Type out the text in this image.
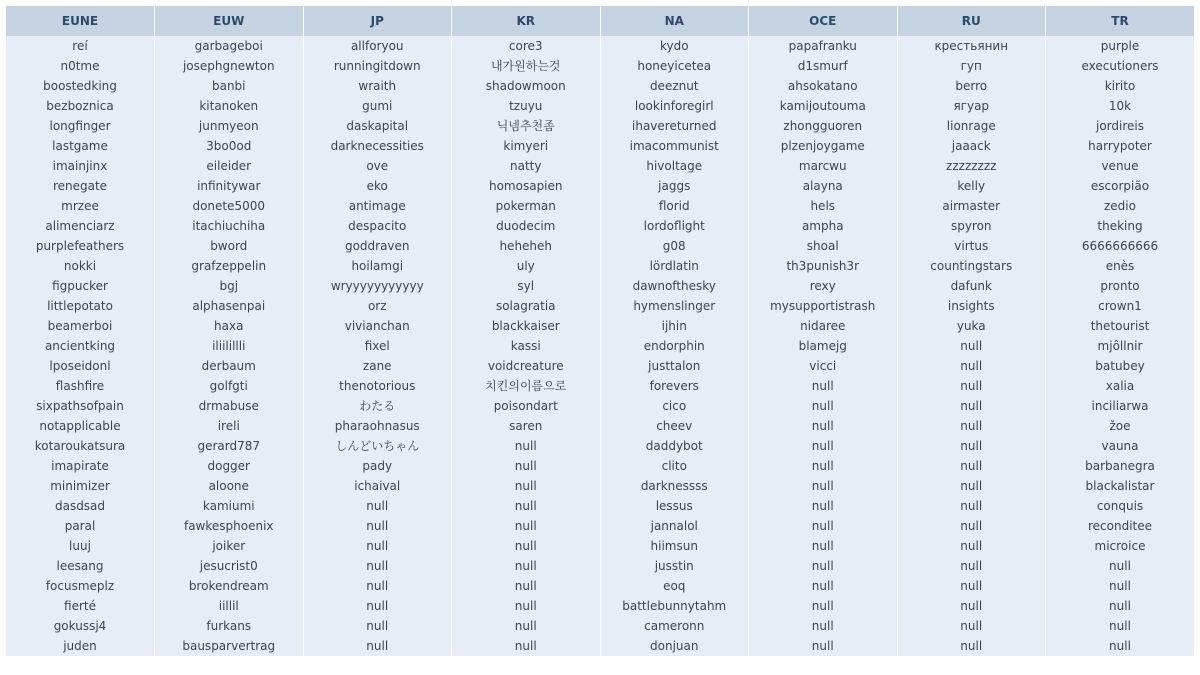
EUNE	EUW	JP	KR	NA	OCE	RU	TR
reí	garbageboi	allforyou	core3	kydo	papafranku	крестьянин	purple
n0tme	josephgnewton	runningitdown	내가원하는것	honeyicetea	d1smurf	гуп	executioners
boostedking	banbi	wraith	shadowmoon	deeznut	ahsokatano	berro	kirito
bezboznica	kitanoken	gumi	tzuyu	lookinforegirl	kamijoutouma	ягуар	10k
longfinger	junmyeon	daskapital	닉넴추천좀	ihavereturned	zhongguoren	lionrage	jordireis
lastgame	3bo0od	darknecessities	kimyeri	imacommunist	plzenjoygame	jaaack	harrypoter
imainjinx	eileider	ove	natty	hivoltage	marcwu	zzzzzzzz	venue
renegate	infinitywar	eko	homosapien	jaggs	alayna	kelly	escorpião
mrzee	donete5000	antimage	pokerman	florid	hels	airmaster	zedio
alimenciarz	itachiuchiha	despacito	duodecim	lordoflight	ampha	spyron	theking
purplefeathers	bword	goddraven	heheheh	g08	shoal	virtus	6666666666
nokki	grafzeppelin	hoilamgi	uly	lördlatin	th3punish3r	countingstars	enès
figpucker	bgj	wryyyyyyyyyyy	syl	dawnofthesky	rexy	dafunk	pronto
littlepotato	alphasenpai	orz	solagratia	hymenslinger	mysupportistrash	insights	crown1
beamerboi	haxa	vivianchan	blackkaiser	ijhin	nidaree	yuka	thetourist
ancientking	iliilillli	fixel	kassi	endorphin	blamejg	null	mjôllnir
lposeidonl	derbaum	zane	voidcreature	justtalon	vicci	null	batubey
flashfire	golfgti	thenotorious	치킨의이름으로	forevers	null	null	xalia
sixpathsofpain	drmabuse	わたる	poisondart	cico	null	null	inciliarwa
notapplicable	ireli	pharaohnasus	saren	cheev	null	null	žoe
kotaroukatsura	gerard787	しんどいちゃん	null	daddybot	null	null	vauna
imapirate	dogger	pady	null	clito	null	null	barbanegra
minimizer	aloone	ichaival	null	darknessss	null	null	blackalistar
dasdsad	kamiumi	null	null	lessus	null	null	conquis
paral	fawkesphoenix	null	null	jannalol	null	null	reconditee
luuj	joiker	null	null	hiimsun	null	null	microice
leesang	jesucrist0	null	null	jusstin	null	null	null
focusmeplz	brokendream	null	null	eoq	null	null	null
fierté	iillil	null	null	battlebunnytahm	null	null	null
gokussj4	furkans	null	null	cameronn	null	null	null
juden	bausparvertrag	null	null	donjuan	null	null	null
